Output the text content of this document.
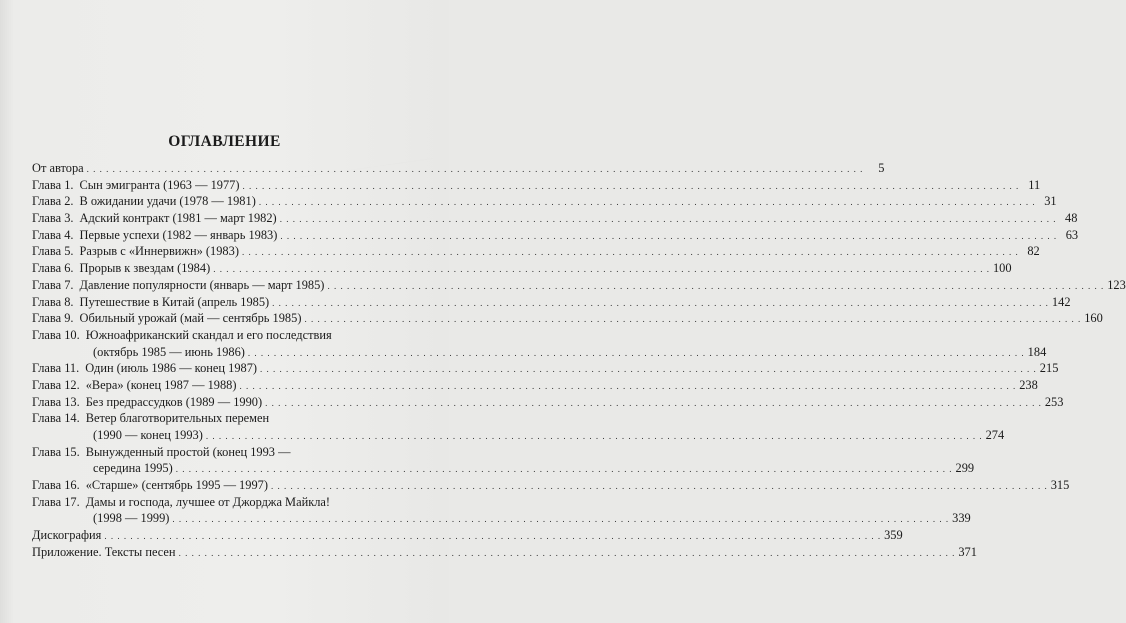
ОГЛАВЛЕНИЕ
От автора . . . . . . . . . . . . . . . . . . . . . . . . . . . . . . . . . . . . . . . . . . . . . . . . . . . . . . . . . . . . . . . . . . . . . . . . . . . . . . . . . . . . . . . . . . . . . . . . . . . . . . . . . . . . . . . . . . . . . . . .	5
Глава 1. Сын эмигранта (1963 — 1977) . . . . . . . . . . . . . . . . . . . . . . . . . . . . . . . . . . . . . . . . . . . . . . . . . . . . . . . . . . . . . . . . . . . . . . . . . . . . . . . . . . . . . . . . . . . . . . . . . . . . . . . . . . . . . . . . . . . . . . . . 11
Глава 2. В ожидании удачи (1978 — 1981) . . . . . . . . . . . . . . . . . . . . . . . . . . . . . . . . . . . . . . . . . . . . . . . . . . . . . . . . . . . . . . . . . . . . . . . . . . . . . . . . . . . . . . . . . . . . . . . . . . . . . . . . . . . . . . . . . . . . . . . . 31
Глава 3. Адский контракт (1981 — март 1982) . . . . . . . . . . . . . . . . . . . . . . . . . . . . . . . . . . . . . . . . . . . . . . . . . . . . . . . . . . . . . . . . . . . . . . . . . . . . . . . . . . . . . . . . . . . . . . . . . . . . . . . . . . . . . . . . . . . . . . . . 48
Глава 4. Первые успехи (1982 — январь 1983) . . . . . . . . . . . . . . . . . . . . . . . . . . . . . . . . . . . . . . . . . . . . . . . . . . . . . . . . . . . . . . . . . . . . . . . . . . . . . . . . . . . . . . . . . . . . . . . . . . . . . . . . . . . . . . . . . . . . . . . . 63
Глава 5. Разрыв с «Иннервижн» (1983) . . . . . . . . . . . . . . . . . . . . . . . . . . . . . . . . . . . . . . . . . . . . . . . . . . . . . . . . . . . . . . . . . . . . . . . . . . . . . . . . . . . . . . . . . . . . . . . . . . . . . . . . . . . . . . . . . . . . . . . . 82
Глава 6. Прорыв к звездам (1984) . . . . . . . . . . . . . . . . . . . . . . . . . . . . . . . . . . . . . . . . . . . . . . . . . . . . . . . . . . . . . . . . . . . . . . . . . . . . . . . . . . . . . . . . . . . . . . . . . . . . . . . . . . . . . . . . . . . . . . . . 100
Глава 7. Давление популярности (январь — март 1985) . . . . . . . . . . . . . . . . . . . . . . . . . . . . . . . . . . . . . . . . . . . . . . . . . . . . . . . . . . . . . . . . . . . . . . . . . . . . . . . . . . . . . . . . . . . . . . . . . . . . . . . . . . . . . . . . . . . . . . . . 123
Глава 8. Путешествие в Китай (апрель 1985) . . . . . . . . . . . . . . . . . . . . . . . . . . . . . . . . . . . . . . . . . . . . . . . . . . . . . . . . . . . . . . . . . . . . . . . . . . . . . . . . . . . . . . . . . . . . . . . . . . . . . . . . . . . . . . . . . . . . . . . . 142
Глава 9. Обильный урожай (май — сентябрь 1985) . . . . . . . . . . . . . . . . . . . . . . . . . . . . . . . . . . . . . . . . . . . . . . . . . . . . . . . . . . . . . . . . . . . . . . . . . . . . . . . . . . . . . . . . . . . . . . . . . . . . . . . . . . . . . . . . . . . . . . . . 160
Глава 10. Южноафриканский скандал и его последствия
(октябрь 1985 — июнь 1986) . . . . . . . . . . . . . . . . . . . . . . . . . . . . . . . . . . . . . . . . . . . . . . . . . . . . . . . . . . . . . . . . . . . . . . . . . . . . . . . . . . . . . . . . . . . . . . . . . . . . . . . . . . . . . . . . . . . . . . . . 184
Глава 11. Один (июль 1986 — конец 1987) . . . . . . . . . . . . . . . . . . . . . . . . . . . . . . . . . . . . . . . . . . . . . . . . . . . . . . . . . . . . . . . . . . . . . . . . . . . . . . . . . . . . . . . . . . . . . . . . . . . . . . . . . . . . . . . . . . . . . . . . 215
Глава 12. «Вера» (конец 1987 — 1988) . . . . . . . . . . . . . . . . . . . . . . . . . . . . . . . . . . . . . . . . . . . . . . . . . . . . . . . . . . . . . . . . . . . . . . . . . . . . . . . . . . . . . . . . . . . . . . . . . . . . . . . . . . . . . . . . . . . . . . . . 238
Глава 13. Без предрассудков (1989 — 1990) . . . . . . . . . . . . . . . . . . . . . . . . . . . . . . . . . . . . . . . . . . . . . . . . . . . . . . . . . . . . . . . . . . . . . . . . . . . . . . . . . . . . . . . . . . . . . . . . . . . . . . . . . . . . . . . . . . . . . . . . 253
Глава 14. Ветер благотворительных перемен
(1990 — конец 1993) . . . . . . . . . . . . . . . . . . . . . . . . . . . . . . . . . . . . . . . . . . . . . . . . . . . . . . . . . . . . . . . . . . . . . . . . . . . . . . . . . . . . . . . . . . . . . . . . . . . . . . . . . . . . . . . . . . . . . . . . 274
Глава 15. Вынужденный простой (конец 1993 —
середина 1995) . . . . . . . . . . . . . . . . . . . . . . . . . . . . . . . . . . . . . . . . . . . . . . . . . . . . . . . . . . . . . . . . . . . . . . . . . . . . . . . . . . . . . . . . . . . . . . . . . . . . . . . . . . . . . . . . . . . . . . . . 299
Глава 16. «Старше» (сентябрь 1995 — 1997) . . . . . . . . . . . . . . . . . . . . . . . . . . . . . . . . . . . . . . . . . . . . . . . . . . . . . . . . . . . . . . . . . . . . . . . . . . . . . . . . . . . . . . . . . . . . . . . . . . . . . . . . . . . . . . . . . . . . . . . . 315
Глава 17. Дамы и господа, лучшее от Джорджа Майкла!
(1998 — 1999) . . . . . . . . . . . . . . . . . . . . . . . . . . . . . . . . . . . . . . . . . . . . . . . . . . . . . . . . . . . . . . . . . . . . . . . . . . . . . . . . . . . . . . . . . . . . . . . . . . . . . . . . . . . . . . . . . . . . . . . . 339
Дискография . . . . . . . . . . . . . . . . . . . . . . . . . . . . . . . . . . . . . . . . . . . . . . . . . . . . . . . . . . . . . . . . . . . . . . . . . . . . . . . . . . . . . . . . . . . . . . . . . . . . . . . . . . . . . . . . . . . . . . . . 359
Приложение. Тексты песен . . . . . . . . . . . . . . . . . . . . . . . . . . . . . . . . . . . . . . . . . . . . . . . . . . . . . . . . . . . . . . . . . . . . . . . . . . . . . . . . . . . . . . . . . . . . . . . . . . . . . . . . . . . . . . . . . . . . . . . . 371
